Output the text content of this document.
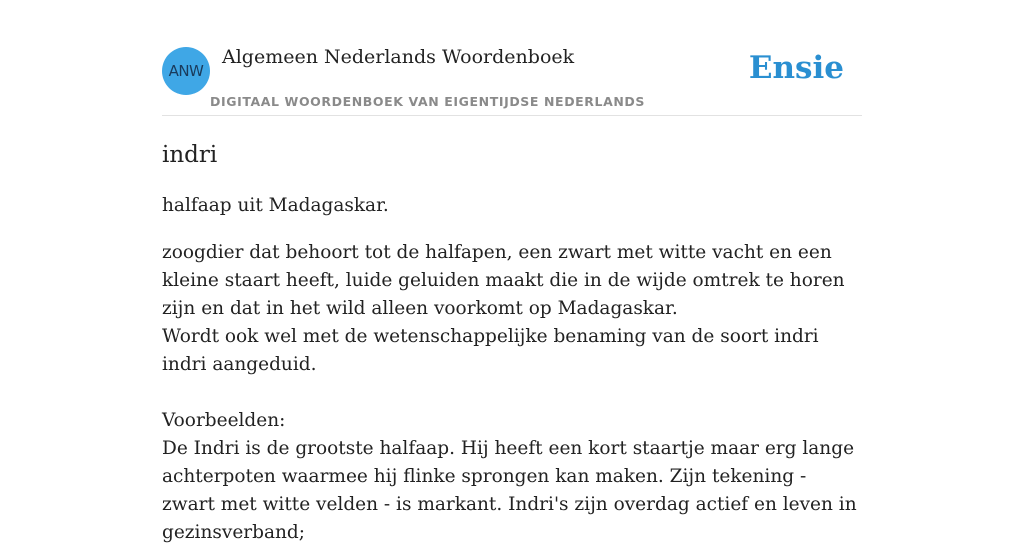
ANW
Algemeen Nederlands Woordenboek
DIGITAAL WOORDENBOEK VAN EIGENTIJDSE NEDERLANDS
Ensie
indri
halfaap uit Madagaskar.

zoogdier dat behoort tot de halfapen, een zwart met witte vacht en een kleine staart heeft, luide geluiden maakt die in de wijde omtrek te horen zijn en dat in het wild alleen voorkomt op Madagaskar.

Wordt ook wel met de wetenschappelijke benaming van de soort indri indri aangeduid.

Voorbeelden:

De Indri is de grootste halfaap. Hij heeft een kort staartje maar erg lange achterpoten waarmee hij flinke sprongen kan maken. Zijn tekening - zwart met witte velden - is markant. Indri's zijn overdag actief en leven in gezinsverband;
